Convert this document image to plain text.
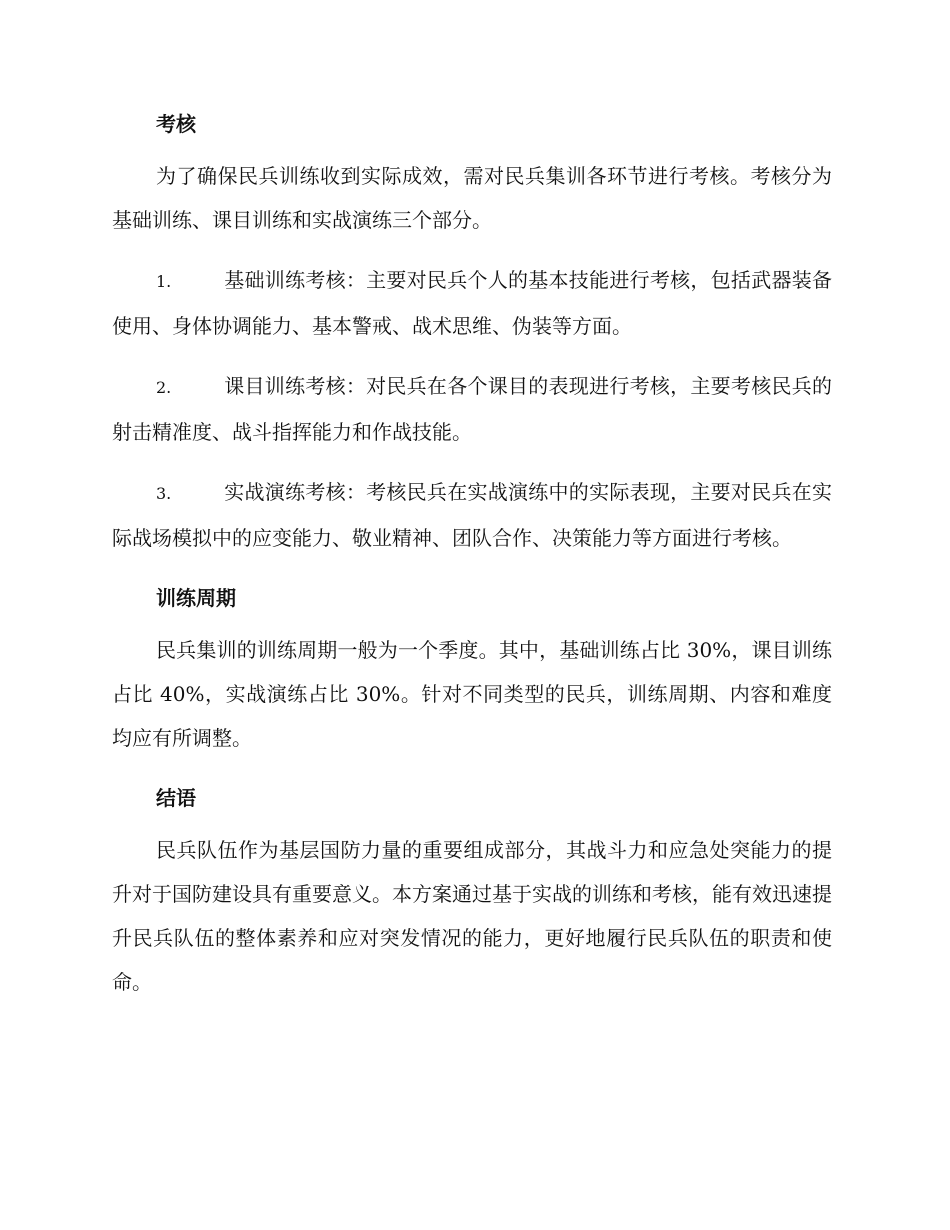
考核

为了确保民兵训练收到实际成效，需对民兵集训各环节进行考核。考核分为基础训练、课目训练和实战演练三个部分。

1.	基础训练考核：主要对民兵个人的基本技能进行考核，包括武器装备使用、身体协调能力、基本警戒、战术思维、伪装等方面。

2.	课目训练考核：对民兵在各个课目的表现进行考核，主要考核民兵的射击精准度、战斗指挥能力和作战技能。

3.	实战演练考核：考核民兵在实战演练中的实际表现，主要对民兵在实际战场模拟中的应变能力、敬业精神、团队合作、决策能力等方面进行考核。

训练周期

民兵集训的训练周期一般为一个季度。其中，基础训练占比 30%，课目训练占比 40%，实战演练占比 30%。针对不同类型的民兵，训练周期、内容和难度均应有所调整。

结语

民兵队伍作为基层国防力量的重要组成部分，其战斗力和应急处突能力的提升对于国防建设具有重要意义。本方案通过基于实战的训练和考核，能有效迅速提升民兵队伍的整体素养和应对突发情况的能力，更好地履行民兵队伍的职责和使命。
